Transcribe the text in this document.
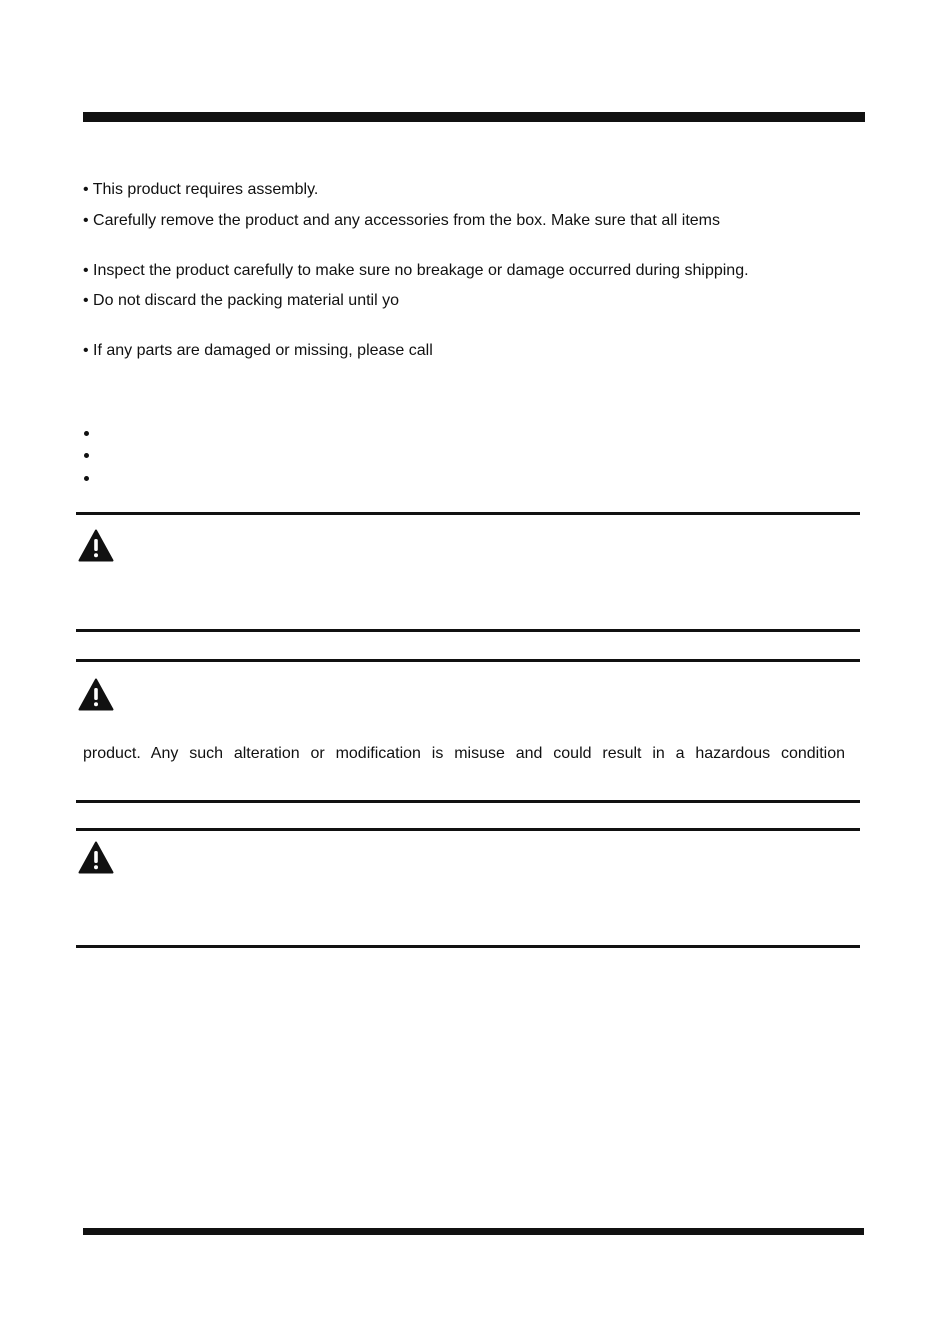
• This product requires assembly.
• Carefully remove the product and any accessories from the box. Make sure that all items
• Inspect the product carefully to make sure no breakage or damage occurred during shipping.
• Do not discard the packing material until yo
• If any parts are damaged or missing, please call
product. Any such alteration or modification is misuse and could result in a hazardous condition
